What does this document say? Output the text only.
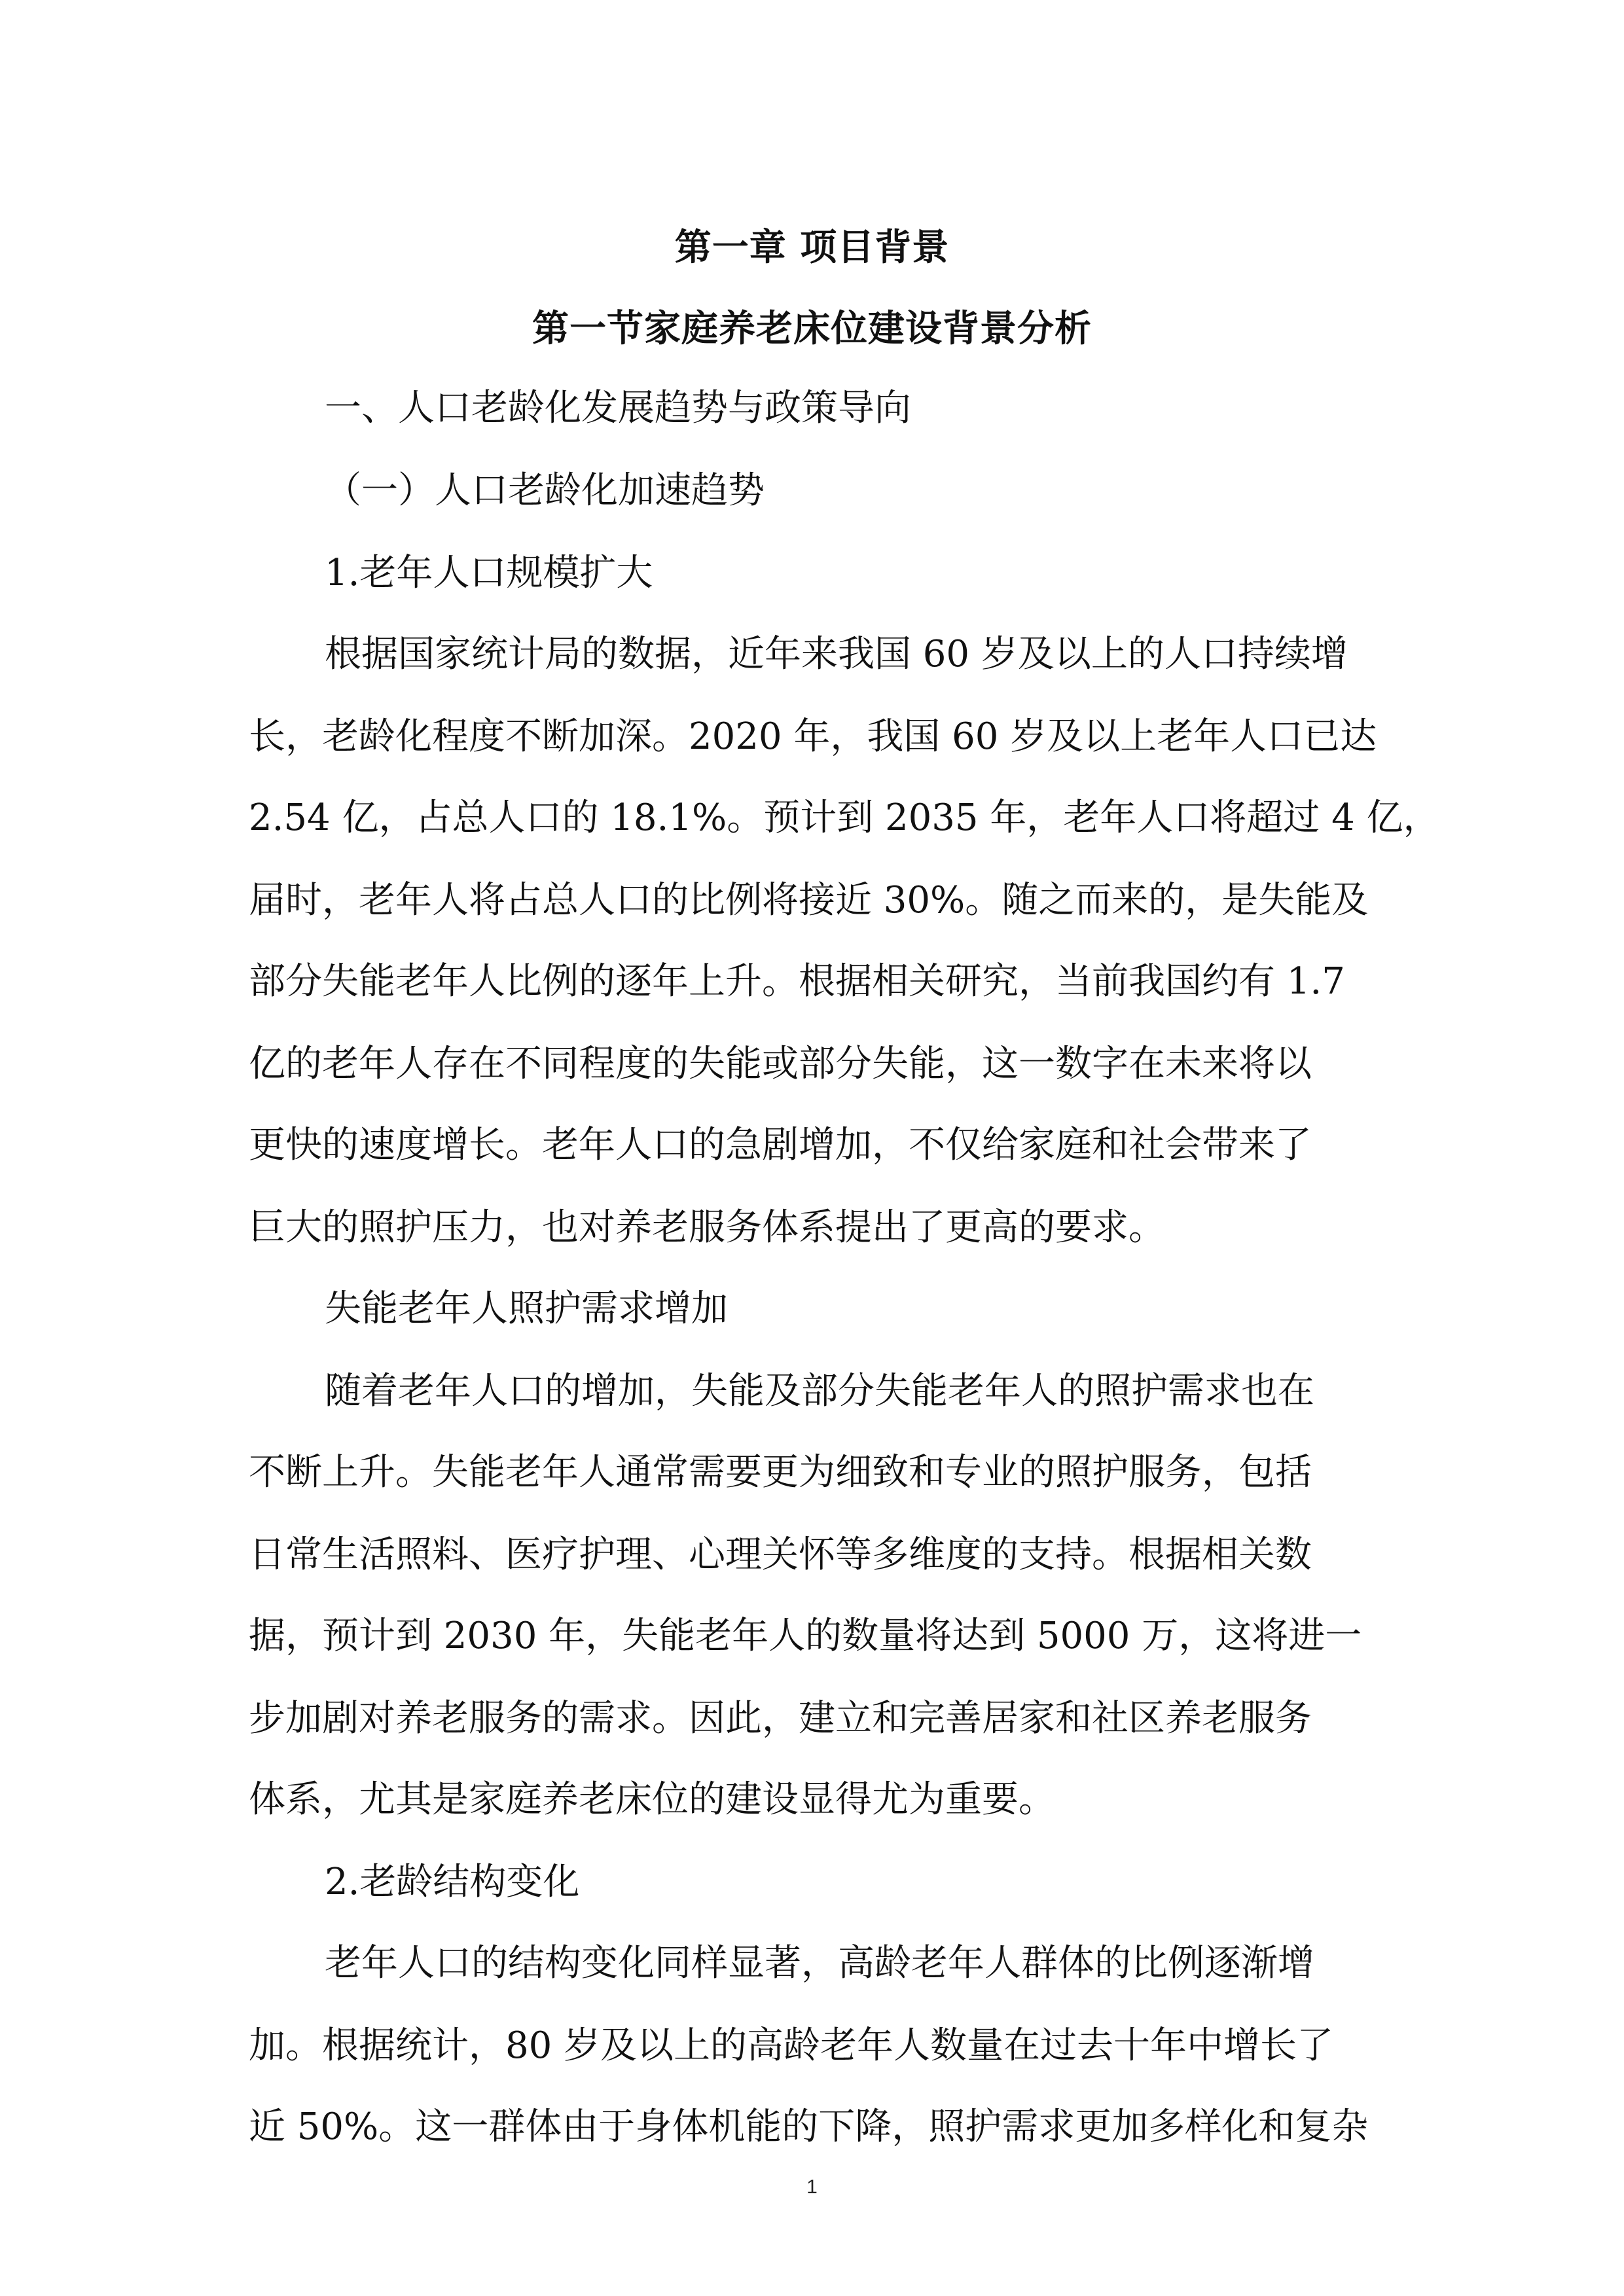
第一章 项目背景
第一节家庭养老床位建设背景分析

一、人口老龄化发展趋势与政策导向

（一）人口老龄化加速趋势

1.老年人口规模扩大

根据国家统计局的数据，近年来我国 60 岁及以上的人口持续增

长，老龄化程度不断加深。2020 年，我国 60 岁及以上老年人口已达

2.54 亿，占总人口的 18.1%。预计到 2035 年，老年人口将超过 4 亿，

届时，老年人将占总人口的比例将接近 30%。随之而来的，是失能及

部分失能老年人比例的逐年上升。根据相关研究，当前我国约有 1.7

亿的老年人存在不同程度的失能或部分失能，这一数字在未来将以

更快的速度增长。老年人口的急剧增加，不仅给家庭和社会带来了

巨大的照护压力，也对养老服务体系提出了更高的要求。

失能老年人照护需求增加

随着老年人口的增加，失能及部分失能老年人的照护需求也在

不断上升。失能老年人通常需要更为细致和专业的照护服务，包括

日常生活照料、医疗护理、心理关怀等多维度的支持。根据相关数

据，预计到 2030 年，失能老年人的数量将达到 5000 万，这将进一

步加剧对养老服务的需求。因此，建立和完善居家和社区养老服务

体系，尤其是家庭养老床位的建设显得尤为重要。

2.老龄结构变化

老年人口的结构变化同样显著，高龄老年人群体的比例逐渐增

加。根据统计，80 岁及以上的高龄老年人数量在过去十年中增长了

近 50%。这一群体由于身体机能的下降，照护需求更加多样化和复杂

1
